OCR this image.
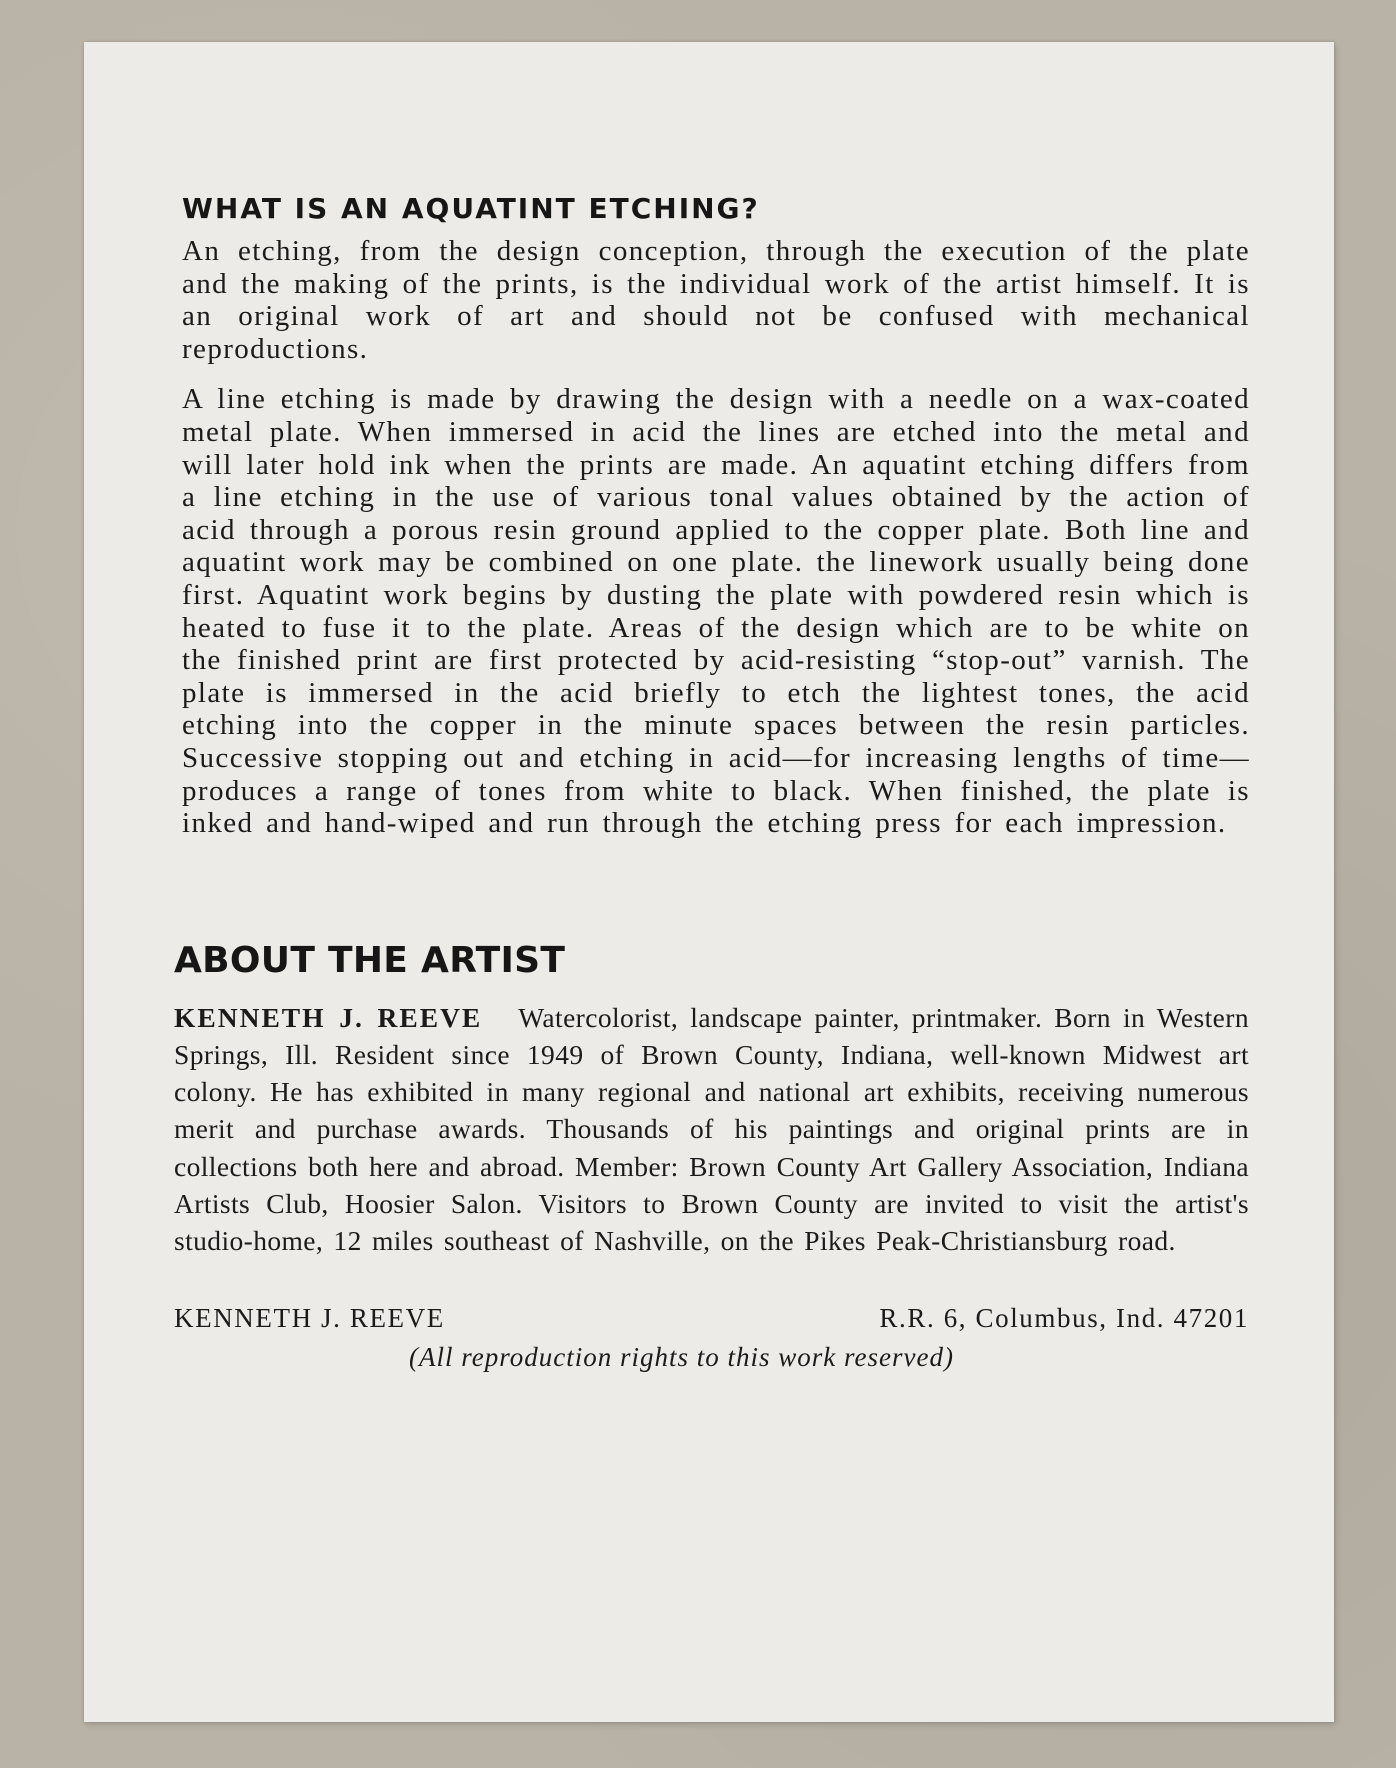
WHAT IS AN AQUATINT ETCHING?

An etching, from the design conception, through the execution of the plate and the making of the prints, is the individual work of the artist himself. It is an original work of art and should not be confused with mechanical reproductions.

A line etching is made by drawing the design with a needle on a wax-coated metal plate. When immersed in acid the lines are etched into the metal and will later hold ink when the prints are made. An aquatint etching differs from a line etching in the use of various tonal values obtained by the action of acid through a porous resin ground applied to the copper plate. Both line and aquatint work may be combined on one plate. the linework usually being done first. Aquatint work begins by dusting the plate with powdered resin which is heated to fuse it to the plate. Areas of the design which are to be white on the finished print are first protected by acid-resisting “stop-out” varnish. The plate is immersed in the acid briefly to etch the lightest tones, the acid etching into the copper in the minute spaces between the resin particles. Successive stopping out and etching in acid—for increasing lengths of time—produces a range of tones from white to black. When finished, the plate is inked and hand-wiped and run through the etching press for each impression.

ABOUT THE ARTIST

KENNETH J. REEVE Watercolorist, landscape painter, printmaker. Born in Western Springs, Ill. Resident since 1949 of Brown County, Indiana, well-known Midwest art colony. He has exhibited in many regional and national art exhibits, receiving numerous merit and purchase awards. Thousands of his paintings and original prints are in collections both here and abroad. Member: Brown County Art Gallery Association, Indiana Artists Club, Hoosier Salon. Visitors to Brown County are invited to visit the artist's studio-home, 12 miles southeast of Nashville, on the Pikes Peak-Christiansburg road.

KENNETH J. REEVE	R.R. 6, Columbus, Ind. 47201
(All reproduction rights to this work reserved)
